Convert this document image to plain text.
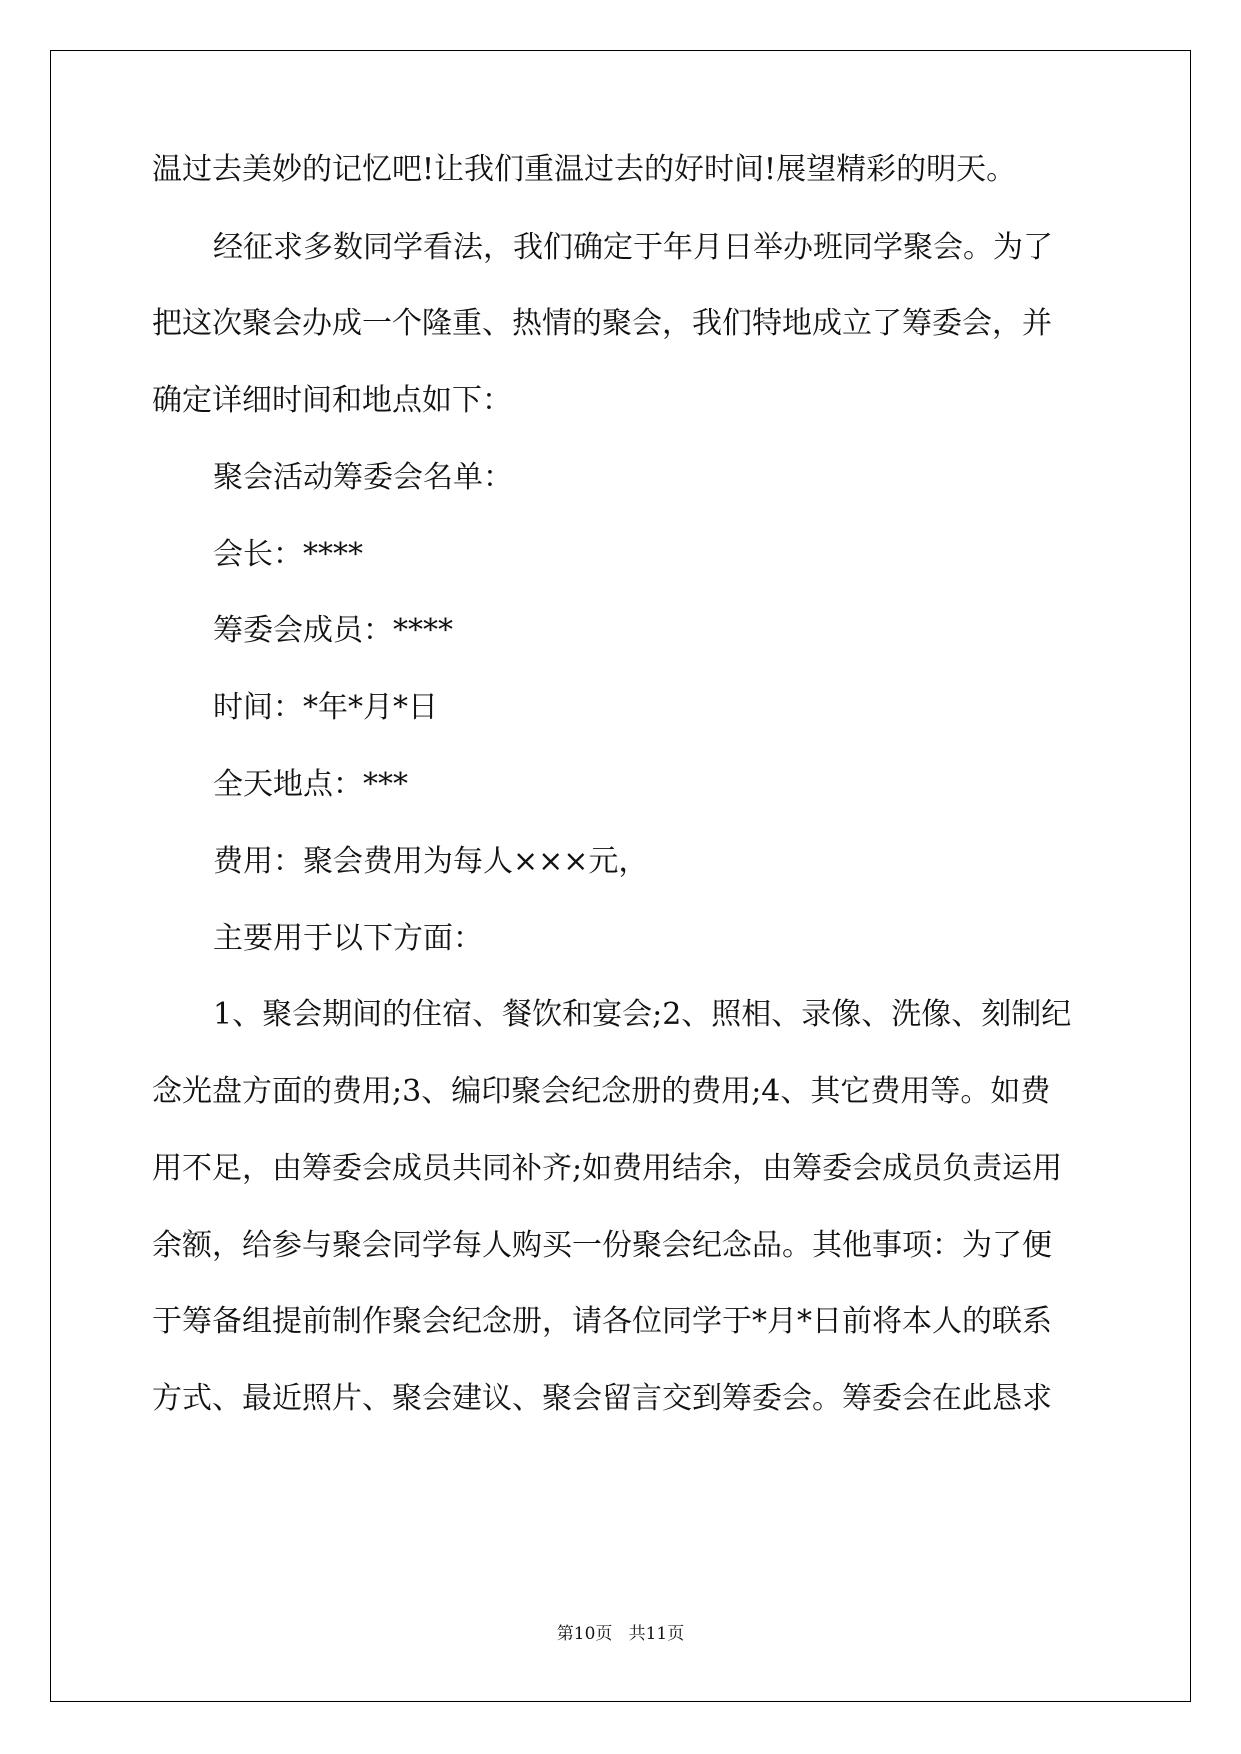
温过去美妙的记忆吧!让我们重温过去的好时间!展望精彩的明天。
经征求多数同学看法，我们确定于年月日举办班同学聚会。为了
把这次聚会办成一个隆重、热情的聚会，我们特地成立了筹委会，并
确定详细时间和地点如下：
聚会活动筹委会名单：
会长：****
筹委会成员：****
时间：*年*月*日
全天地点：***
费用：聚会费用为每人×××元，
主要用于以下方面：
1、聚会期间的住宿、餐饮和宴会;2、照相、录像、洗像、刻制纪
念光盘方面的费用;3、编印聚会纪念册的费用;4、其它费用等。如费
用不足，由筹委会成员共同补齐;如费用结余，由筹委会成员负责运用
余额，给参与聚会同学每人购买一份聚会纪念品。其他事项：为了便
于筹备组提前制作聚会纪念册，请各位同学于*月*日前将本人的联系
方式、最近照片、聚会建议、聚会留言交到筹委会。筹委会在此恳求
第10页 共11页
